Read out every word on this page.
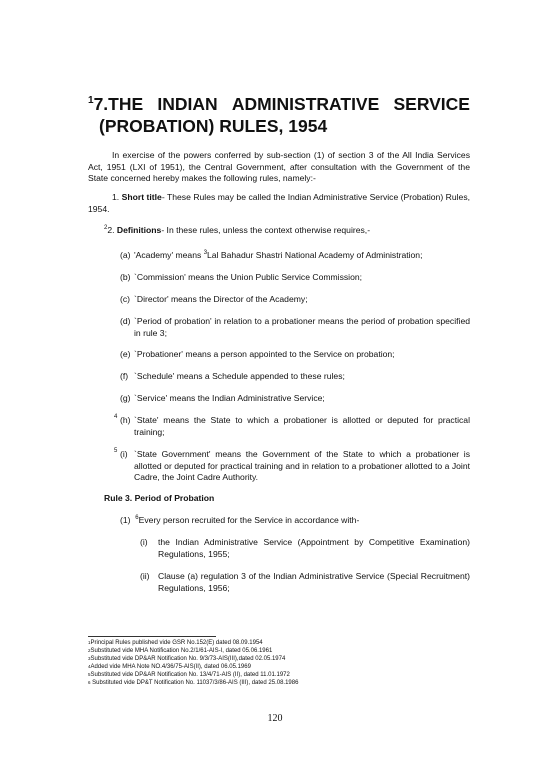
$^1$7.THE INDIAN ADMINISTRATIVE SERVICE
(PROBATION) RULES, 1954
In exercise of the powers conferred by sub-section (1) of section 3 of the All India Services Act, 1951 (LXI of 1951), the Central Government, after consultation with the Government of the State concerned hereby makes the following rules, namely:-
1. Short title- These Rules may be called the Indian Administrative Service (Probation) Rules, 1954.
$^2$2. Definitions- In these rules, unless the context otherwise requires,-
(a) 'Academy' means $^3$Lal Bahadur Shastri National Academy of Administration;
(b) `Commission' means the Union Public Service Commission;
(c) `Director' means the Director of the Academy;
(d) `Period of probation' in relation to a probationer means the period of probation specified in rule 3;
(e) `Probationer' means a person appointed to the Service on probation;
(f) `Schedule' means a Schedule appended to these rules;
(g) `Service' means the Indian Administrative Service;
4 (h) `State' means the State to which a probationer is allotted or deputed for practical training;
5 (i) `State Government' means the Government of the State to which a probationer is allotted or deputed for practical training and in relation to a probationer allotted to a Joint Cadre, the Joint Cadre Authority.
Rule 3. Period of Probation
(1) $^6$Every person recruited for the Service in accordance with-
(i) the Indian Administrative Service (Appointment by Competitive Examination) Regulations, 1955;
(ii) Clause (a) regulation 3 of the Indian Administrative Service (Special Recruitment) Regulations, 1956;
$^1$Principal Rules published vide GSR No.152(E) dated 08.09.1954
$^2$Substituted vide MHA Notification No.2/1/61-AIS-I, dated 05.06.1961
$^3$Substituted vide DP&AR Notification No. 9/3/73-AIS(III),dated 02.05.1974
$^4$Added vide MHA Note NO.4/36/75-AIS(II), dated 06.05.1969
$^5$Substituted vide DP&AR Notification No. 13/4/71-AIS (II), dated 11.01.1972
$^6$ Substituted vide DP&T Notification No. 11037/3/86-AIS (III), dated 25.08.1986
120
